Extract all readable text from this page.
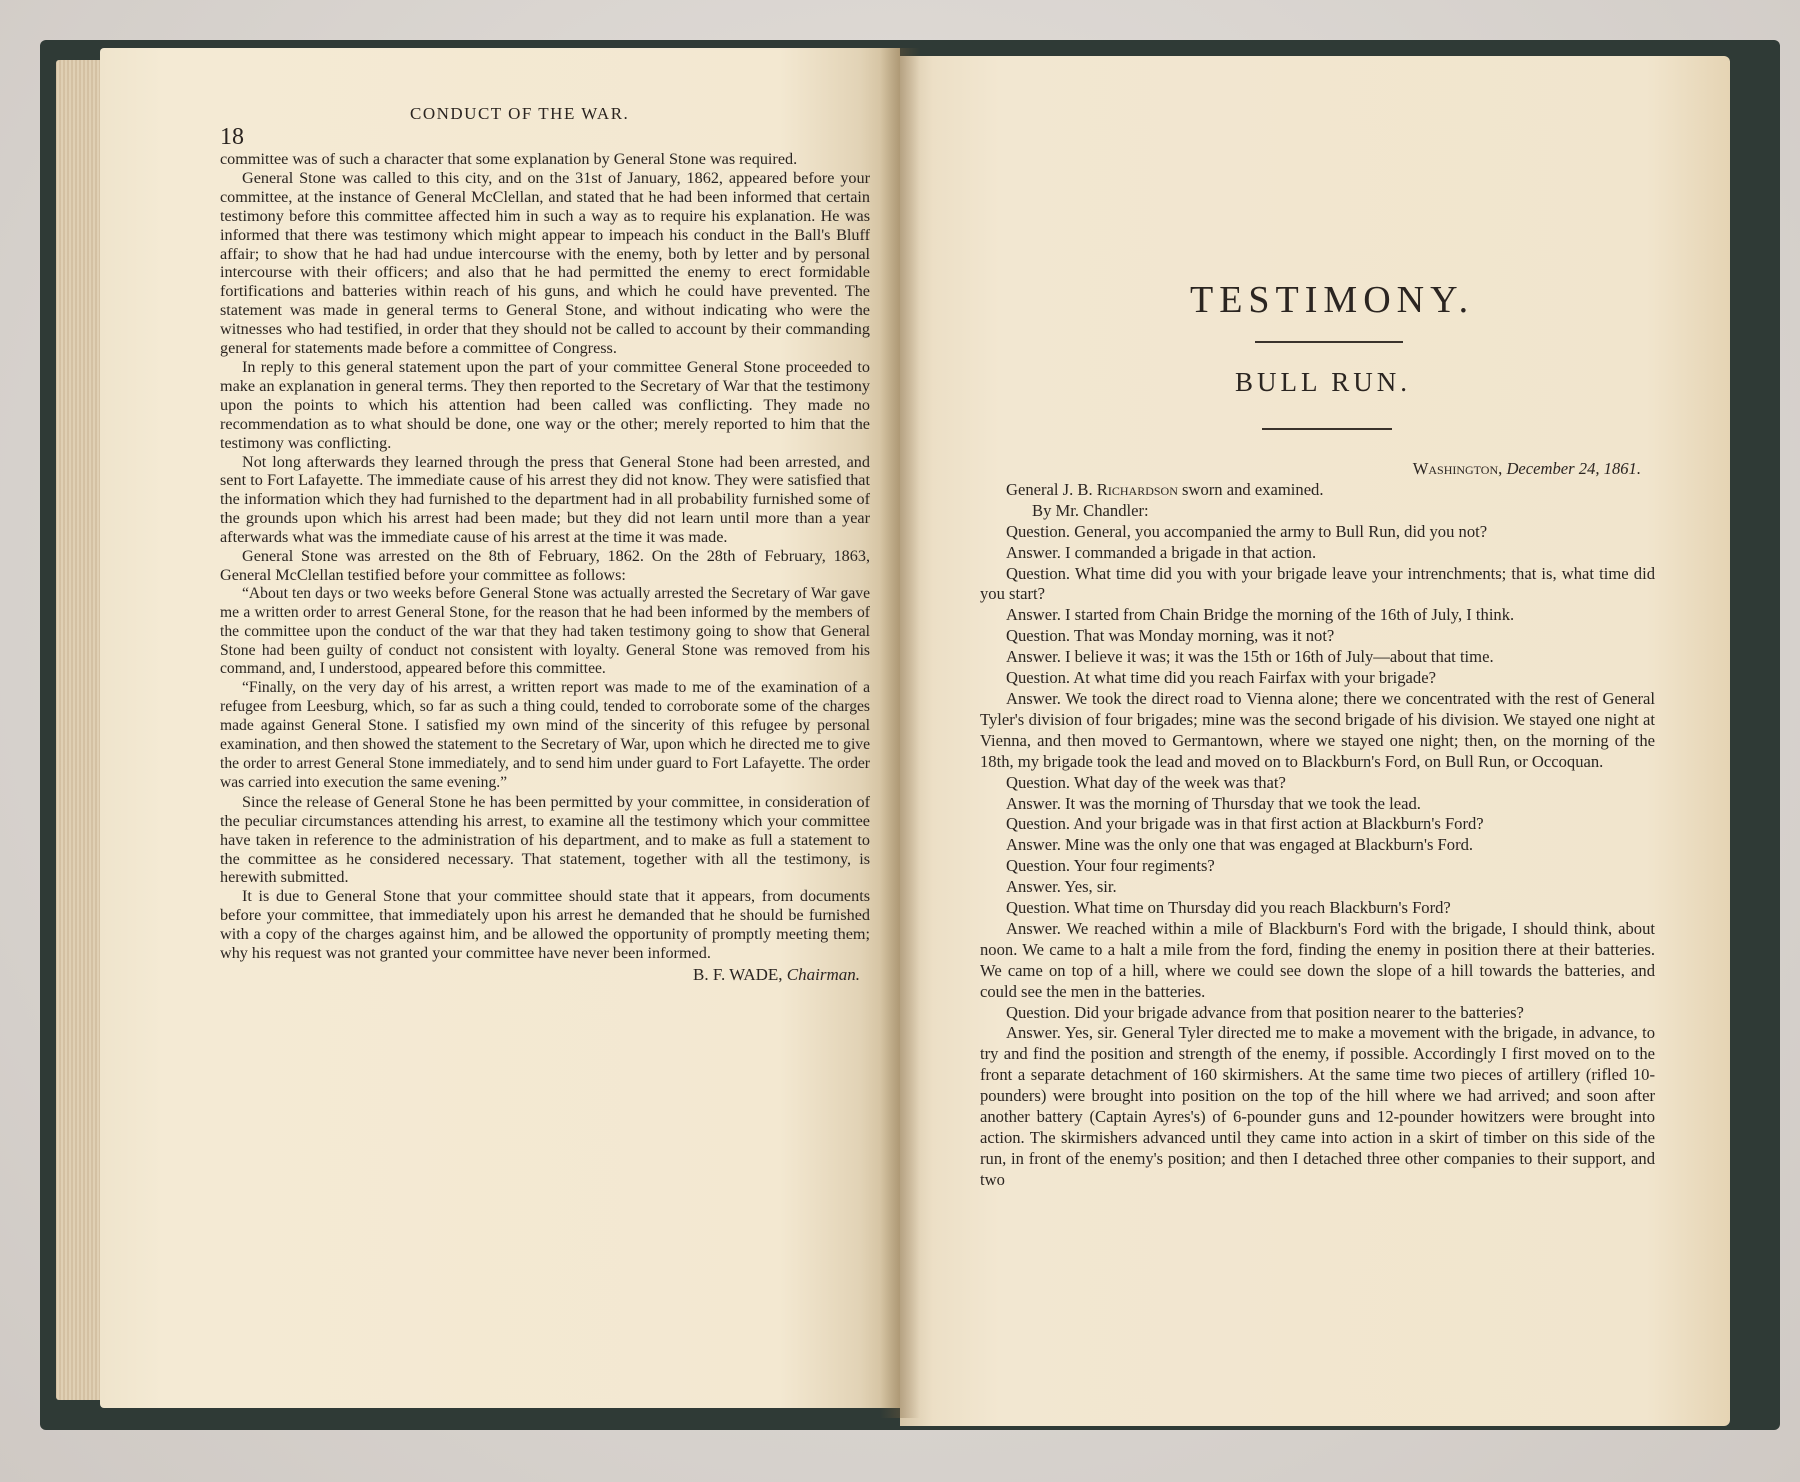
18
CONDUCT OF THE WAR.

committee was of such a character that some explanation by General Stone was required.

General Stone was called to this city, and on the 31st of January, 1862, appeared before your committee, at the instance of General McClellan, and stated that he had been informed that certain testimony before this committee affected him in such a way as to require his explanation. He was informed that there was testimony which might appear to impeach his conduct in the Ball's Bluff affair; to show that he had had undue intercourse with the enemy, both by letter and by personal intercourse with their officers; and also that he had permitted the enemy to erect formidable fortifications and batteries within reach of his guns, and which he could have prevented. The statement was made in general terms to General Stone, and without indicating who were the witnesses who had testified, in order that they should not be called to account by their commanding general for statements made before a committee of Congress.

In reply to this general statement upon the part of your committee General Stone proceeded to make an explanation in general terms. They then reported to the Secretary of War that the testimony upon the points to which his attention had been called was conflicting. They made no recommendation as to what should be done, one way or the other; merely reported to him that the testimony was conflicting.

Not long afterwards they learned through the press that General Stone had been arrested, and sent to Fort Lafayette. The immediate cause of his arrest they did not know. They were satisfied that the information which they had furnished to the department had in all probability furnished some of the grounds upon which his arrest had been made; but they did not learn until more than a year afterwards what was the immediate cause of his arrest at the time it was made.

General Stone was arrested on the 8th of February, 1862. On the 28th of February, 1863, General McClellan testified before your committee as follows:

“About ten days or two weeks before General Stone was actually arrested the Secretary of War gave me a written order to arrest General Stone, for the reason that he had been informed by the members of the committee upon the conduct of the war that they had taken testimony going to show that General Stone had been guilty of conduct not consistent with loyalty. General Stone was removed from his command, and, I understood, appeared before this committee.

“Finally, on the very day of his arrest, a written report was made to me of the examination of a refugee from Leesburg, which, so far as such a thing could, tended to corroborate some of the charges made against General Stone. I satisfied my own mind of the sincerity of this refugee by personal examination, and then showed the statement to the Secretary of War, upon which he directed me to give the order to arrest General Stone immediately, and to send him under guard to Fort Lafayette. The order was carried into execution the same evening.”

Since the release of General Stone he has been permitted by your committee, in consideration of the peculiar circumstances attending his arrest, to examine all the testimony which your committee have taken in reference to the administration of his department, and to make as full a statement to the committee as he considered necessary. That statement, together with all the testimony, is herewith submitted.

It is due to General Stone that your committee should state that it appears, from documents before your committee, that immediately upon his arrest he demanded that he should be furnished with a copy of the charges against him, and be allowed the opportunity of promptly meeting them; why his request was not granted your committee have never been informed.

B. F. WADE, Chairman.
TESTIMONY.
BULL RUN.

Washington, December 24, 1861.

General J. B. Richardson sworn and examined.

By Mr. Chandler:

Question. General, you accompanied the army to Bull Run, did you not?

Answer. I commanded a brigade in that action.

Question. What time did you with your brigade leave your intrenchments; that is, what time did you start?

Answer. I started from Chain Bridge the morning of the 16th of July, I think.

Question. That was Monday morning, was it not?

Answer. I believe it was; it was the 15th or 16th of July—about that time.

Question. At what time did you reach Fairfax with your brigade?

Answer. We took the direct road to Vienna alone; there we concentrated with the rest of General Tyler's division of four brigades; mine was the second brigade of his division. We stayed one night at Vienna, and then moved to Germantown, where we stayed one night; then, on the morning of the 18th, my brigade took the lead and moved on to Blackburn's Ford, on Bull Run, or Occoquan.

Question. What day of the week was that?

Answer. It was the morning of Thursday that we took the lead.

Question. And your brigade was in that first action at Blackburn's Ford?

Answer. Mine was the only one that was engaged at Blackburn's Ford.

Question. Your four regiments?

Answer. Yes, sir.

Question. What time on Thursday did you reach Blackburn's Ford?

Answer. We reached within a mile of Blackburn's Ford with the brigade, I should think, about noon. We came to a halt a mile from the ford, finding the enemy in position there at their batteries. We came on top of a hill, where we could see down the slope of a hill towards the batteries, and could see the men in the batteries.

Question. Did your brigade advance from that position nearer to the batteries?

Answer. Yes, sir. General Tyler directed me to make a movement with the brigade, in advance, to try and find the position and strength of the enemy, if possible. Accordingly I first moved on to the front a separate detachment of 160 skirmishers. At the same time two pieces of artillery (rifled 10-pounders) were brought into position on the top of the hill where we had arrived; and soon after another battery (Captain Ayres's) of 6-pounder guns and 12-pounder howitzers were brought into action. The skirmishers advanced until they came into action in a skirt of timber on this side of the run, in front of the enemy's position; and then I detached three other companies to their support, and two
